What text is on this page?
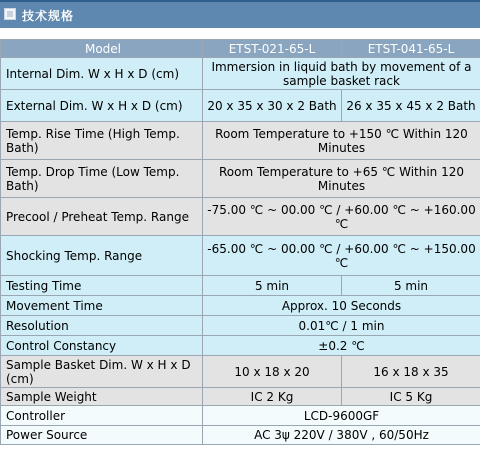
技术规格
Model	ETST-021-65-L	ETST-041-65-L
Internal Dim. W x H x D (cm)	Immersion in liquid bath by movement of a sample basket rack	
External Dim. W x H x D (cm)	20 x 35 x 30 x 2 Bath	26 x 35 x 45 x 2 Bath
Temp. Rise Time (High Temp. Bath)	Room Temperature to +150 ℃ Within 120 Minutes	
Temp. Drop Time (Low Temp. Bath)	Room Temperature to +65 ℃ Within 120 Minutes	
Precool / Preheat Temp. Range	-75.00 ℃ ~ 00.00 ℃ / +60.00 ℃ ~ +160.00 ℃	
Shocking Temp. Range	-65.00 ℃ ~ 00.00 ℃ / +60.00 ℃ ~ +150.00 ℃	
Testing Time	5 min	5 min
Movement Time	Approx. 10 Seconds	
Resolution	0.01℃ / 1 min	
Control Constancy	±0.2 ℃	
Sample Basket Dim. W x H x D (cm)	10 x 18 x 20	16 x 18 x 35
Sample Weight	IC 2 Kg	IC 5 Kg
Controller	LCD-9600GF	
Power Source	AC 3ψ 220V / 380V , 60/50Hz	
